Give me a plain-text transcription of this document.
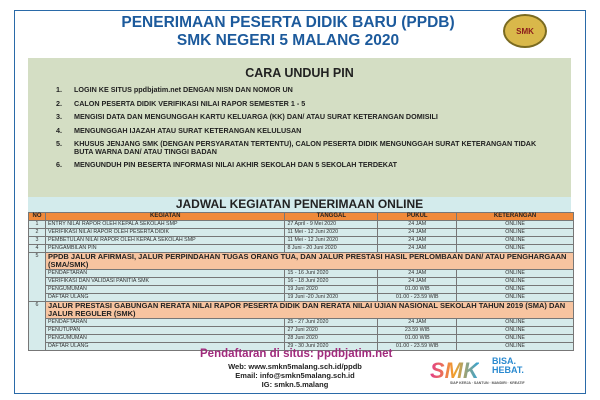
PENERIMAAN PESERTA DIDIK BARU (PPDB)
SMK NEGERI 5 MALANG 2020
SMK
CARA UNDUH PIN
1.	LOGIN KE SITUS ppdbjatim.net DENGAN NISN DAN NOMOR UN
2.	CALON PESERTA DIDIK VERIFIKASI NILAI RAPOR SEMESTER 1 - 5
3.	MENGISI DATA DAN MENGUNGGAH KARTU KELUARGA (KK) DAN/ ATAU SURAT KETERANGAN DOMISILI
4.	MENGUNGGAH IJAZAH ATAU SURAT KETERANGAN KELULUSAN
5.	KHUSUS JENJANG SMK (DENGAN PERSYARATAN TERTENTU), CALON PESERTA DIDIK MENGUNGGAH SURAT KETERANGAN TIDAK BUTA WARNA DAN/ ATAU TINGGI BADAN
6.	MENGUNDUH PIN BESERTA INFORMASI NILAI AKHIR SEKOLAH DAN 5 SEKOLAH TERDEKAT
JADWAL KEGIATAN PENERIMAAN ONLINE
NO	KEGIATAN	TANGGAL	PUKUL	KETERANGAN
1	ENTRY NILAI RAPOR OLEH KEPALA SEKOLAH SMP	27 April - 9 Mei 2020	24 JAM	ONLINE
2	VERIFIKASI NILAI RAPOR OLEH PESERTA DIDIK	11 Mei - 12 Juni 2020	24 JAM	ONLINE
3	PEMBETULAN NILAI RAPOR OLEH KEPALA SEKOLAH SMP	11 Mei - 12 Juni 2020	24 JAM	ONLINE
4	PENGAMBILAN PIN	8 Juni - 20 Juni 2020	24 JAM	ONLINE
5	PPDB JALUR AFIRMASI, JALUR PERPINDAHAN TUGAS ORANG TUA, DAN JALUR PRESTASI HASIL PERLOMBAAN DAN/ ATAU PENGHARGAAN (SMA/SMK)			
	PENDAFTARAN	15 - 16 Juni 2020	24 JAM	ONLINE
	VERIFIKASI DAN VALIDASI PANITIA SMK	16 - 18 Juni 2020	24 JAM	ONLINE
	PENGUMUMAN	19 Juni 2020	01.00 WIB	ONLINE
	DAFTAR ULANG	19 Juni -20 Juni 2020	01.00 - 23.59 WIB	ONLINE
6	JALUR PRESTASI GABUNGAN RERATA NILAI RAPOR PESERTA DIDIK DAN RERATA NILAI UJIAN NASIONAL SEKOLAH TAHUN 2019 (SMA) DAN JALUR REGULER (SMK)			
	PENDAFTARAN	25 - 27 Juni 2020	24 JAM	ONLINE
	PENUTUPAN	27 Juni 2020	23.59 WIB	ONLINE
	PENGUMUMAN	28 Juni 2020	01.00 WIB	ONLINE
	DAFTAR ULANG	29 - 30 Juni 2020	01.00 - 23.59 WIB	ONLINE
Pendaftaran di situs: ppdbjatim.net
Web: www.smkn5malang.sch.id/ppdb
Email: info@smkn5malang.sch.id
IG: smkn.5.malang
SMK BISA.
HEBAT.
SIAP KERJA · SANTUN · MANDIRI · KREATIF
